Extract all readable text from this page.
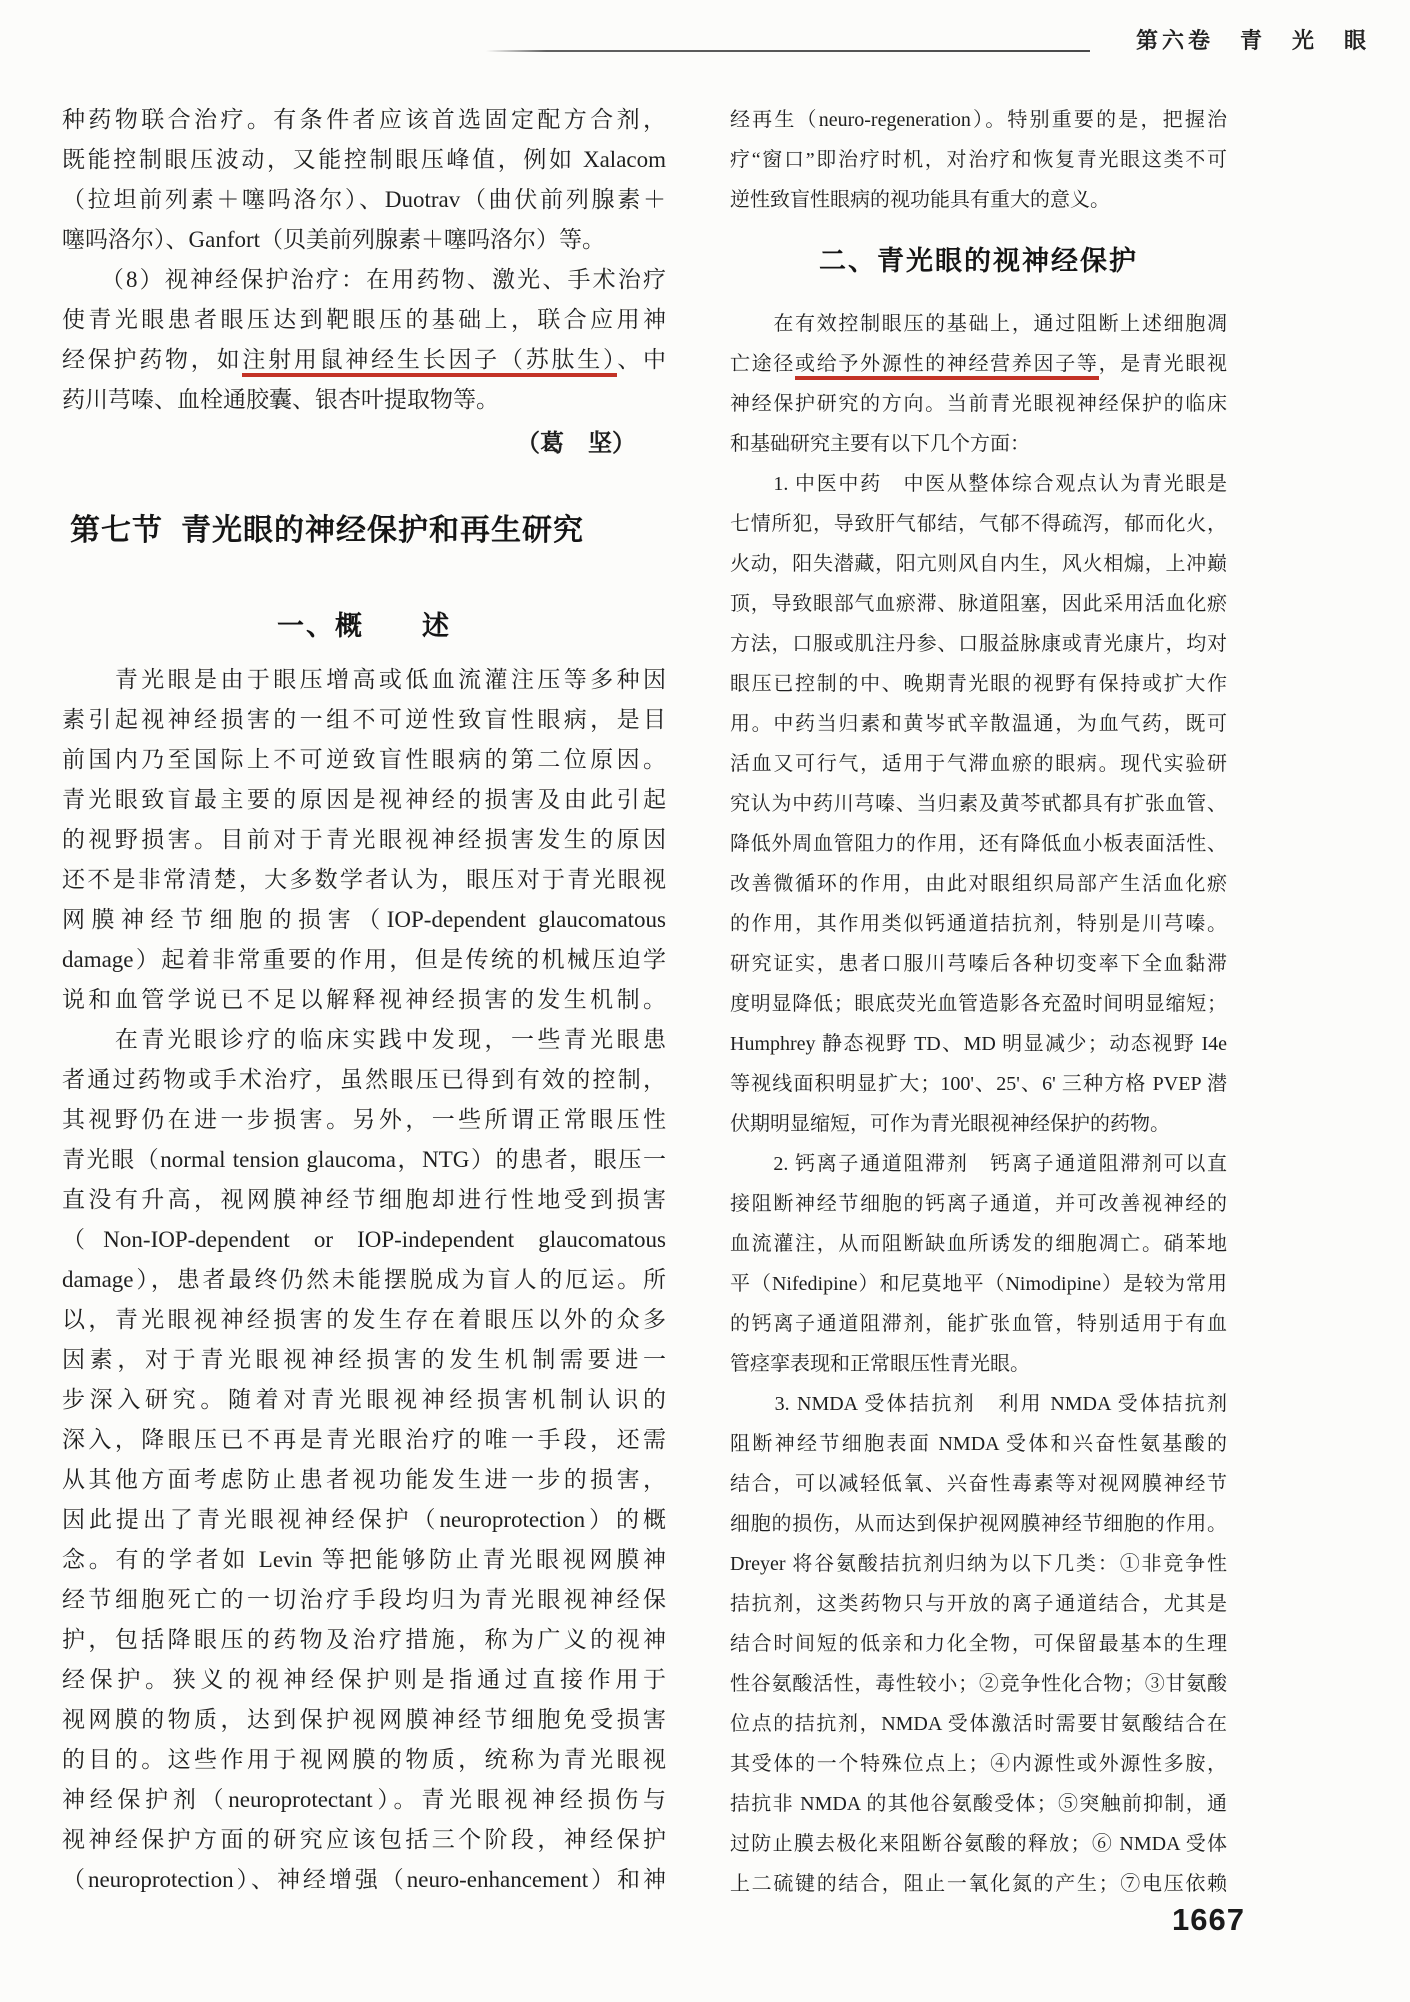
第六卷　青　光　眼
种药物联合治疗。有条件者应该首选固定配方合剂，
既能控制眼压波动，又能控制眼压峰值，例如 Xalacom
（拉坦前列素＋噻吗洛尔）、Duotrav（曲伏前列腺素＋
噻吗洛尔）、Ganfort（贝美前列腺素＋噻吗洛尔）等。
　　（8）视神经保护治疗：在用药物、激光、手术治疗
使青光眼患者眼压达到靶眼压的基础上，联合应用神
经保护药物，如注射用鼠神经生长因子（苏肽生）、中
药川芎嗪、血栓通胶囊、银杏叶提取物等。
（葛　坚）
第七节 青光眼的神经保护和再生研究
一、概　　述
　　青光眼是由于眼压增高或低血流灌注压等多种因
素引起视神经损害的一组不可逆性致盲性眼病，是目
前国内乃至国际上不可逆致盲性眼病的第二位原因。
青光眼致盲最主要的原因是视神经的损害及由此引起
的视野损害。目前对于青光眼视神经损害发生的原因
还不是非常清楚，大多数学者认为，眼压对于青光眼视
网膜神经节细胞的损害（IOP-dependent glaucomatous
damage）起着非常重要的作用，但是传统的机械压迫学
说和血管学说已不足以解释视神经损害的发生机制。
　　在青光眼诊疗的临床实践中发现，一些青光眼患
者通过药物或手术治疗，虽然眼压已得到有效的控制，
其视野仍在进一步损害。另外，一些所谓正常眼压性
青光眼（normal tension glaucoma，NTG）的患者，眼压一
直没有升高，视网膜神经节细胞却进行性地受到损害
（Non-IOP-dependent or IOP-independent glaucomatous
damage），患者最终仍然未能摆脱成为盲人的厄运。所
以，青光眼视神经损害的发生存在着眼压以外的众多
因素，对于青光眼视神经损害的发生机制需要进一
步深入研究。随着对青光眼视神经损害机制认识的
深入，降眼压已不再是青光眼治疗的唯一手段，还需
从其他方面考虑防止患者视功能发生进一步的损害，
因此提出了青光眼视神经保护（neuroprotection）的概
念。有的学者如 Levin 等把能够防止青光眼视网膜神
经节细胞死亡的一切治疗手段均归为青光眼视神经保
护，包括降眼压的药物及治疗措施，称为广义的视神
经保护。狭义的视神经保护则是指通过直接作用于
视网膜的物质，达到保护视网膜神经节细胞免受损害
的目的。这些作用于视网膜的物质，统称为青光眼视
神经保护剂（neuroprotectant）。青光眼视神经损伤与
视神经保护方面的研究应该包括三个阶段，神经保护
（neuroprotection）、神经增强（neuro-enhancement）和神
经再生（neuro-regeneration）。特别重要的是，把握治
疗“窗口”即治疗时机，对治疗和恢复青光眼这类不可
逆性致盲性眼病的视功能具有重大的意义。
二、青光眼的视神经保护
　　在有效控制眼压的基础上，通过阻断上述细胞凋
亡途径或给予外源性的神经营养因子等，是青光眼视
神经保护研究的方向。当前青光眼视神经保护的临床
和基础研究主要有以下几个方面：
　　1. 中医中药　中医从整体综合观点认为青光眼是
七情所犯，导致肝气郁结，气郁不得疏泻，郁而化火，
火动，阳失潜藏，阳亢则风自内生，风火相煽，上冲巅
顶，导致眼部气血瘀滞、脉道阻塞，因此采用活血化瘀
方法，口服或肌注丹参、口服益脉康或青光康片，均对
眼压已控制的中、晚期青光眼的视野有保持或扩大作
用。中药当归素和黄岑甙辛散温通，为血气药，既可
活血又可行气，适用于气滞血瘀的眼病。现代实验研
究认为中药川芎嗪、当归素及黄芩甙都具有扩张血管、
降低外周血管阻力的作用，还有降低血小板表面活性、
改善微循环的作用，由此对眼组织局部产生活血化瘀
的作用，其作用类似钙通道拮抗剂，特别是川芎嗪。
研究证实，患者口服川芎嗪后各种切变率下全血黏滞
度明显降低；眼底荧光血管造影各充盈时间明显缩短；
Humphrey 静态视野 TD、MD 明显减少；动态视野 I4e
等视线面积明显扩大；100'、25'、6' 三种方格 PVEP 潜
伏期明显缩短，可作为青光眼视神经保护的药物。
　　2. 钙离子通道阻滞剂　钙离子通道阻滞剂可以直
接阻断神经节细胞的钙离子通道，并可改善视神经的
血流灌注，从而阻断缺血所诱发的细胞凋亡。硝苯地
平（Nifedipine）和尼莫地平（Nimodipine）是较为常用
的钙离子通道阻滞剂，能扩张血管，特别适用于有血
管痉挛表现和正常眼压性青光眼。
　　3. NMDA 受体拮抗剂　利用 NMDA 受体拮抗剂
阻断神经节细胞表面 NMDA 受体和兴奋性氨基酸的
结合，可以减轻低氧、兴奋性毒素等对视网膜神经节
细胞的损伤，从而达到保护视网膜神经节细胞的作用。
Dreyer 将谷氨酸拮抗剂归纳为以下几类：①非竞争性
拮抗剂，这类药物只与开放的离子通道结合，尤其是
结合时间短的低亲和力化全物，可保留最基本的生理
性谷氨酸活性，毒性较小；②竞争性化合物；③甘氨酸
位点的拮抗剂，NMDA 受体激活时需要甘氨酸结合在
其受体的一个特殊位点上；④内源性或外源性多胺，
拮抗非 NMDA 的其他谷氨酸受体；⑤突触前抑制，通
过防止膜去极化来阻断谷氨酸的释放；⑥ NMDA 受体
上二硫键的结合，阻止一氧化氮的产生；⑦电压依赖
1667
